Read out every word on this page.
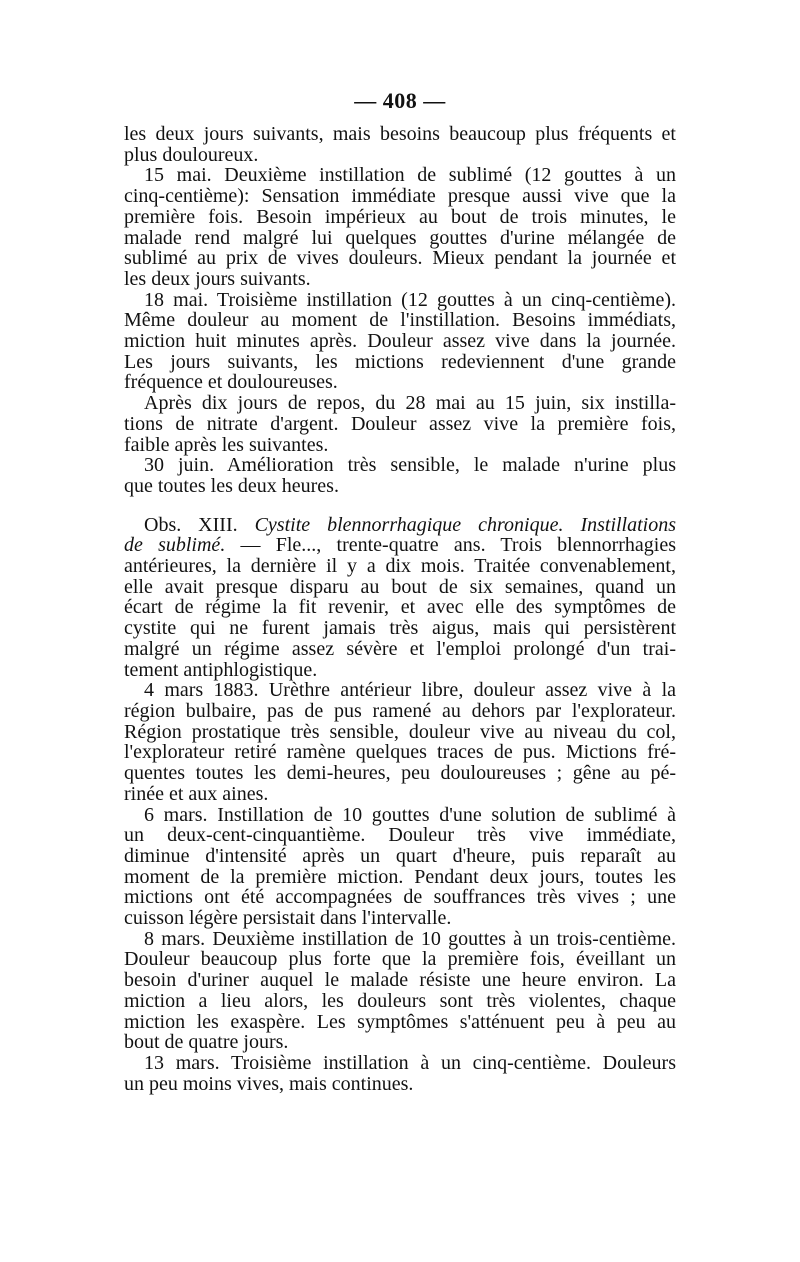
— 408 —
les deux jours suivants, mais besoins beaucoup plus fréquents et
plus douloureux.
15 mai. Deuxième instillation de sublimé (12 gouttes à un
cinq-centième): Sensation immédiate presque aussi vive que la
première fois. Besoin impérieux au bout de trois minutes, le
malade rend malgré lui quelques gouttes d'urine mélangée de
sublimé au prix de vives douleurs. Mieux pendant la journée et
les deux jours suivants.
18 mai. Troisième instillation (12 gouttes à un cinq-centième).
Même douleur au moment de l'instillation. Besoins immédiats,
miction huit minutes après. Douleur assez vive dans la journée.
Les jours suivants, les mictions redeviennent d'une grande
fréquence et douloureuses.
Après dix jours de repos, du 28 mai au 15 juin, six instilla-
tions de nitrate d'argent. Douleur assez vive la première fois,
faible après les suivantes.
30 juin. Amélioration très sensible, le malade n'urine plus
que toutes les deux heures.
Obs. XIII. Cystite blennorrhagique chronique. Instillations
de sublimé. — Fle..., trente-quatre ans. Trois blennorrhagies
antérieures, la dernière il y a dix mois. Traitée convenablement,
elle avait presque disparu au bout de six semaines, quand un
écart de régime la fit revenir, et avec elle des symptômes de
cystite qui ne furent jamais très aigus, mais qui persistèrent
malgré un régime assez sévère et l'emploi prolongé d'un trai-
tement antiphlogistique.
4 mars 1883. Urèthre antérieur libre, douleur assez vive à la
région bulbaire, pas de pus ramené au dehors par l'explorateur.
Région prostatique très sensible, douleur vive au niveau du col,
l'explorateur retiré ramène quelques traces de pus. Mictions fré-
quentes toutes les demi-heures, peu douloureuses ; gêne au pé-
rinée et aux aines.
6 mars. Instillation de 10 gouttes d'une solution de sublimé à
un deux-cent-cinquantième. Douleur très vive immédiate,
diminue d'intensité après un quart d'heure, puis reparaît au
moment de la première miction. Pendant deux jours, toutes les
mictions ont été accompagnées de souffrances très vives ; une
cuisson légère persistait dans l'intervalle.
8 mars. Deuxième instillation de 10 gouttes à un trois-centième.
Douleur beaucoup plus forte que la première fois, éveillant un
besoin d'uriner auquel le malade résiste une heure environ. La
miction a lieu alors, les douleurs sont très violentes, chaque
miction les exaspère. Les symptômes s'atténuent peu à peu au
bout de quatre jours.
13 mars. Troisième instillation à un cinq-centième. Douleurs
un peu moins vives, mais continues.
